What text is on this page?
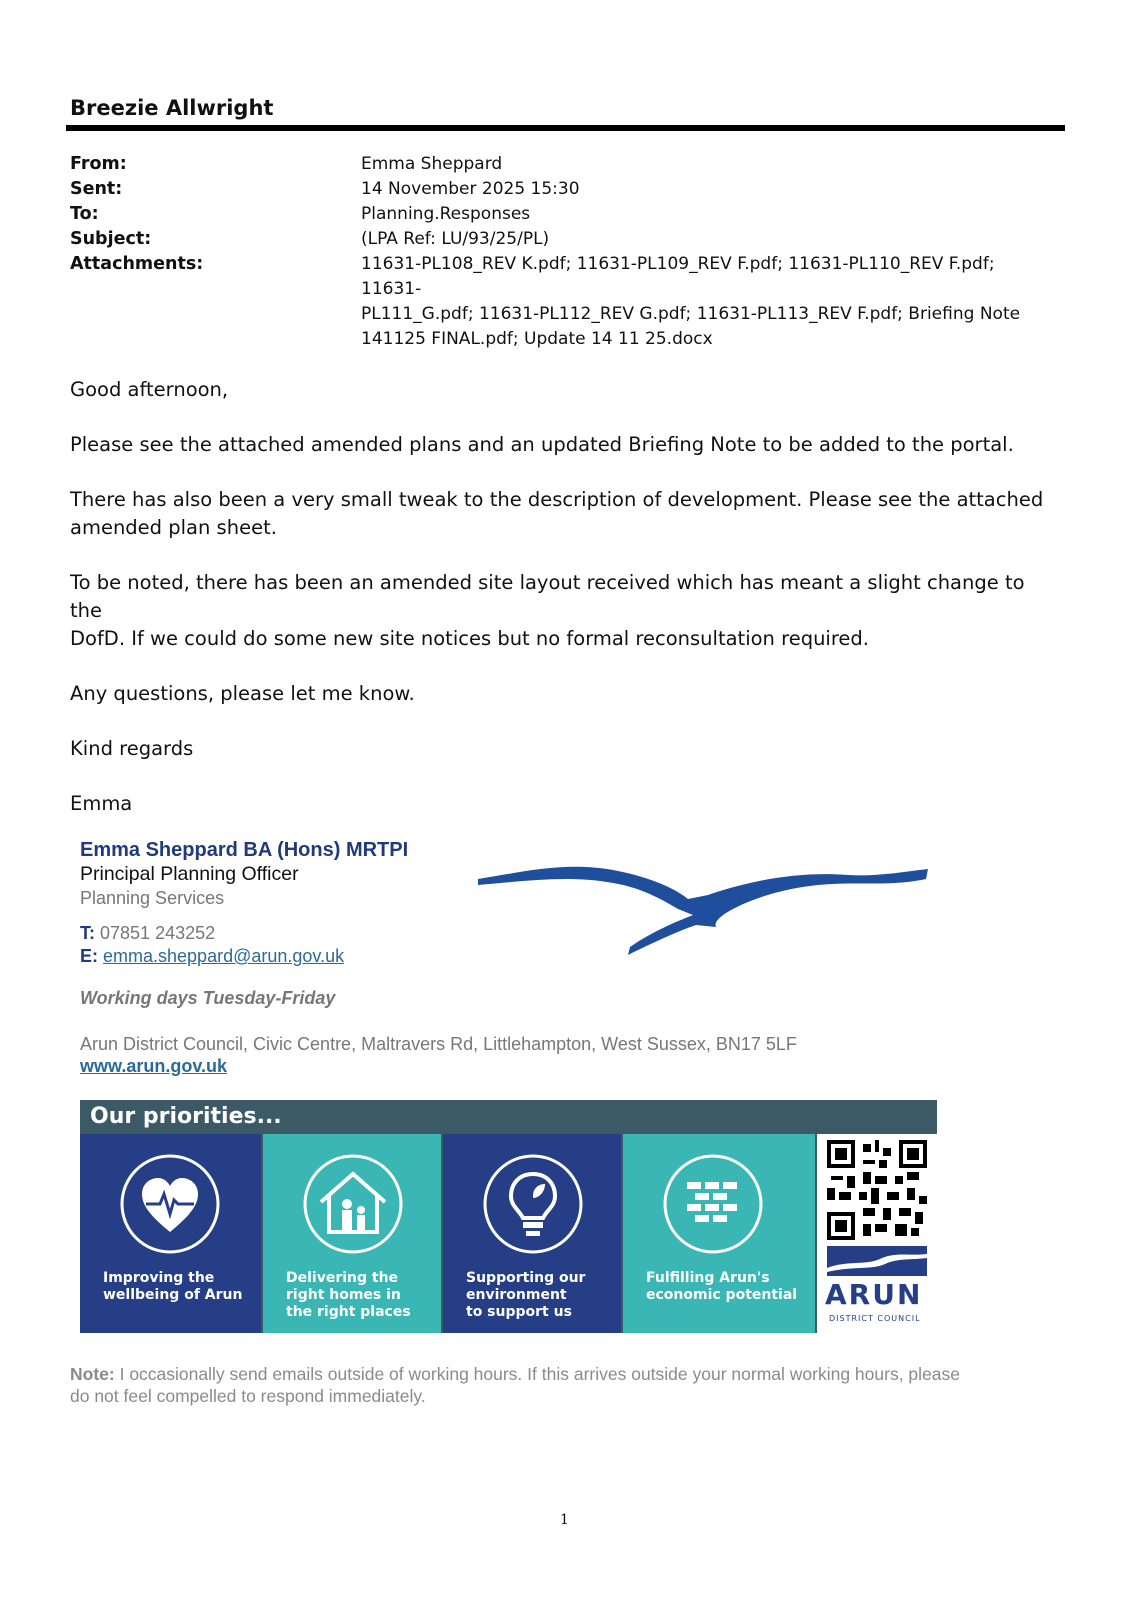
Breezie Allwright
From:	Emma Sheppard
Sent:	14 November 2025 15:30
To:	Planning.Responses
Subject:	(LPA Ref: LU/93/25/PL)
Attachments:	11631-PL108_REV K.pdf; 11631-PL109_REV F.pdf; 11631-PL110_REV F.pdf; 11631-
PL111_G.pdf; 11631-PL112_REV G.pdf; 11631-PL113_REV F.pdf; Briefing Note
141125 FINAL.pdf; Update 14 11 25.docx

Good afternoon,

Please see the attached amended plans and an updated Briefing Note to be added to the portal.

There has also been a very small tweak to the description of development. Please see the attached
amended plan sheet.

To be noted, there has been an amended site layout received which has meant a slight change to the
DofD. If we could do some new site notices but no formal reconsultation required.

Any questions, please let me know.

Kind regards

Emma

Emma Sheppard BA (Hons) MRTPI
Principal Planning Officer
Planning Services
T: 07851 243252
E: emma.sheppard@arun.gov.uk
Working days Tuesday-Friday
Arun District Council, Civic Centre, Maltravers Rd, Littlehampton, West Sussex, BN17 5LF
www.arun.gov.uk
Our priorities...
Improving the
wellbeing of Arun
Delivering the
right homes in
the right places
Supporting our
environment
to support us
Fulfilling Arun's
economic potential ARUN
DISTRICT COUNCIL
Note: I occasionally send emails outside of working hours. If this arrives outside your normal working hours, please
do not feel compelled to respond immediately.
1
